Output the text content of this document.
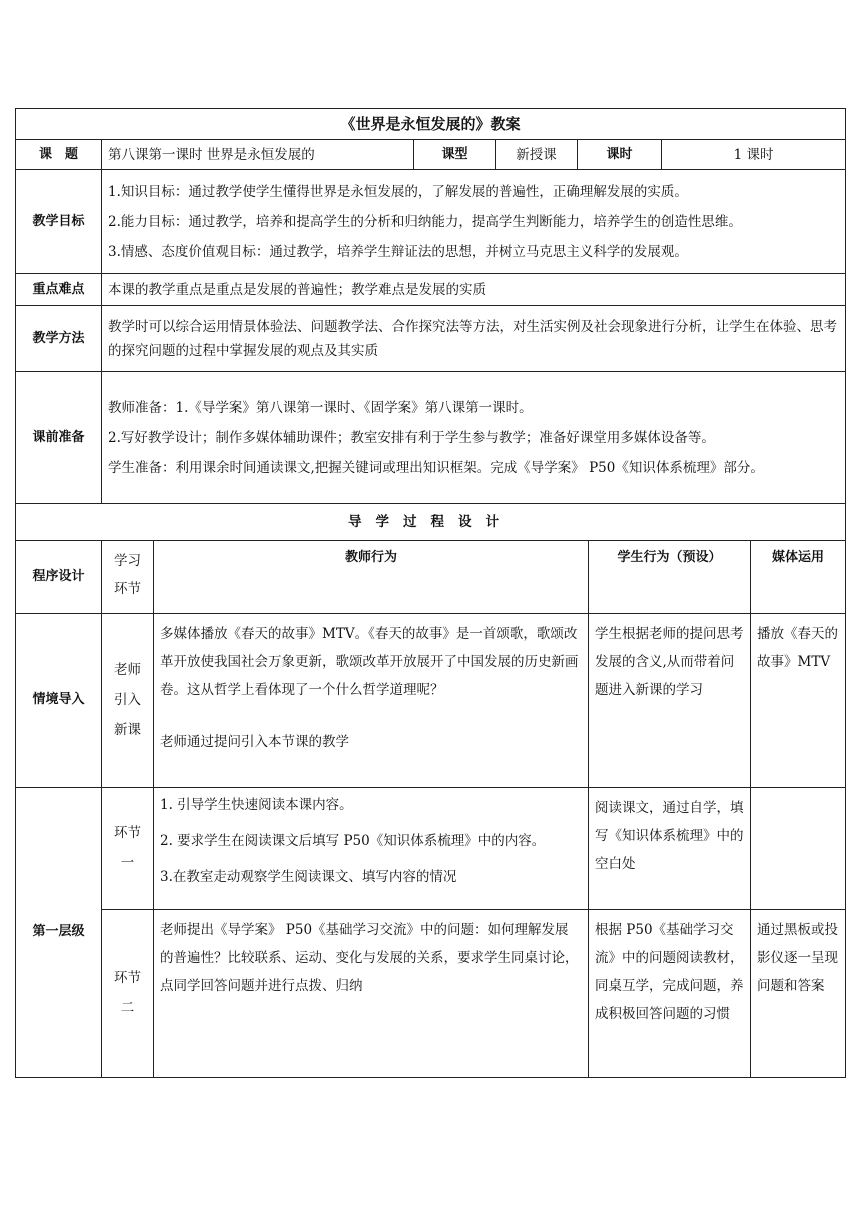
《世界是永恒发展的》教案					
课　题	第八课第一课时 世界是永恒发展的	课型	新授课	课时	1 课时
教学目标	1.知识目标：通过教学使学生懂得世界是永恒发展的，了解发展的普遍性，正确理解发展的实质。

2.能力目标：通过教学，培养和提高学生的分析和归纳能力，提高学生判断能力，培养学生的创造性思维。

3.情感、态度价值观目标：通过教学，培养学生辩证法的思想，并树立马克思主义科学的发展观。				

重点难点	本课的教学重点是重点是发展的普遍性；教学难点是发展的实质				
教学方法	教学时可以综合运用情景体验法、问题教学法、合作探究法等方法，对生活实例及社会现象进行分析，让学生在体验、思考的探究问题的过程中掌握发展的观点及其实质				

课前准备	教师准备：1.《导学案》第八课第一课时、《固学案》第八课第一课时。

2.写好教学设计；制作多媒体辅助课件；教室安排有利于学生参与教学；准备好课堂用多媒体设备等。

学生准备：利用课余时间通读课文,把握关键词或理出知识框架。完成《导学案》 P50《知识体系梳理》部分。				

导学过程设计					
程序设计	学习环节	教师行为	学生行为（预设）	媒体运用
情境导入	老师引入新课	多媒体播放《春天的故事》MTV。《春天的故事》是一首颂歌，歌颂改革开放使我国社会万象更新，歌颂改革开放展开了中国发展的历史新画卷。这从哲学上看体现了一个什么哲学道理呢？

老师通过提问引入本节课的教学	学生根据老师的提问思考发展的含义,从而带着问题进入新课的学习	播放《春天的故事》MTV

第一层级	环节一	1. 引导学生快速阅读本课内容。

2. 要求学生在阅读课文后填写 P50《知识体系梳理》中的内容。

3.在教室走动观察学生阅读课文、填写内容的情况	阅读课文，通过自学，填写《知识体系梳理》中的空白处	

	环节二	老师提出《导学案》 P50《基础学习交流》中的问题：如何理解发展的普遍性？比较联系、运动、变化与发展的关系，要求学生同桌讨论，点同学回答问题并进行点拨、归纳	根据 P50《基础学习交流》中的问题阅读教材，同桌互学，完成问题，养成积极回答问题的习惯	通过黑板或投影仪逐一呈现问题和答案
